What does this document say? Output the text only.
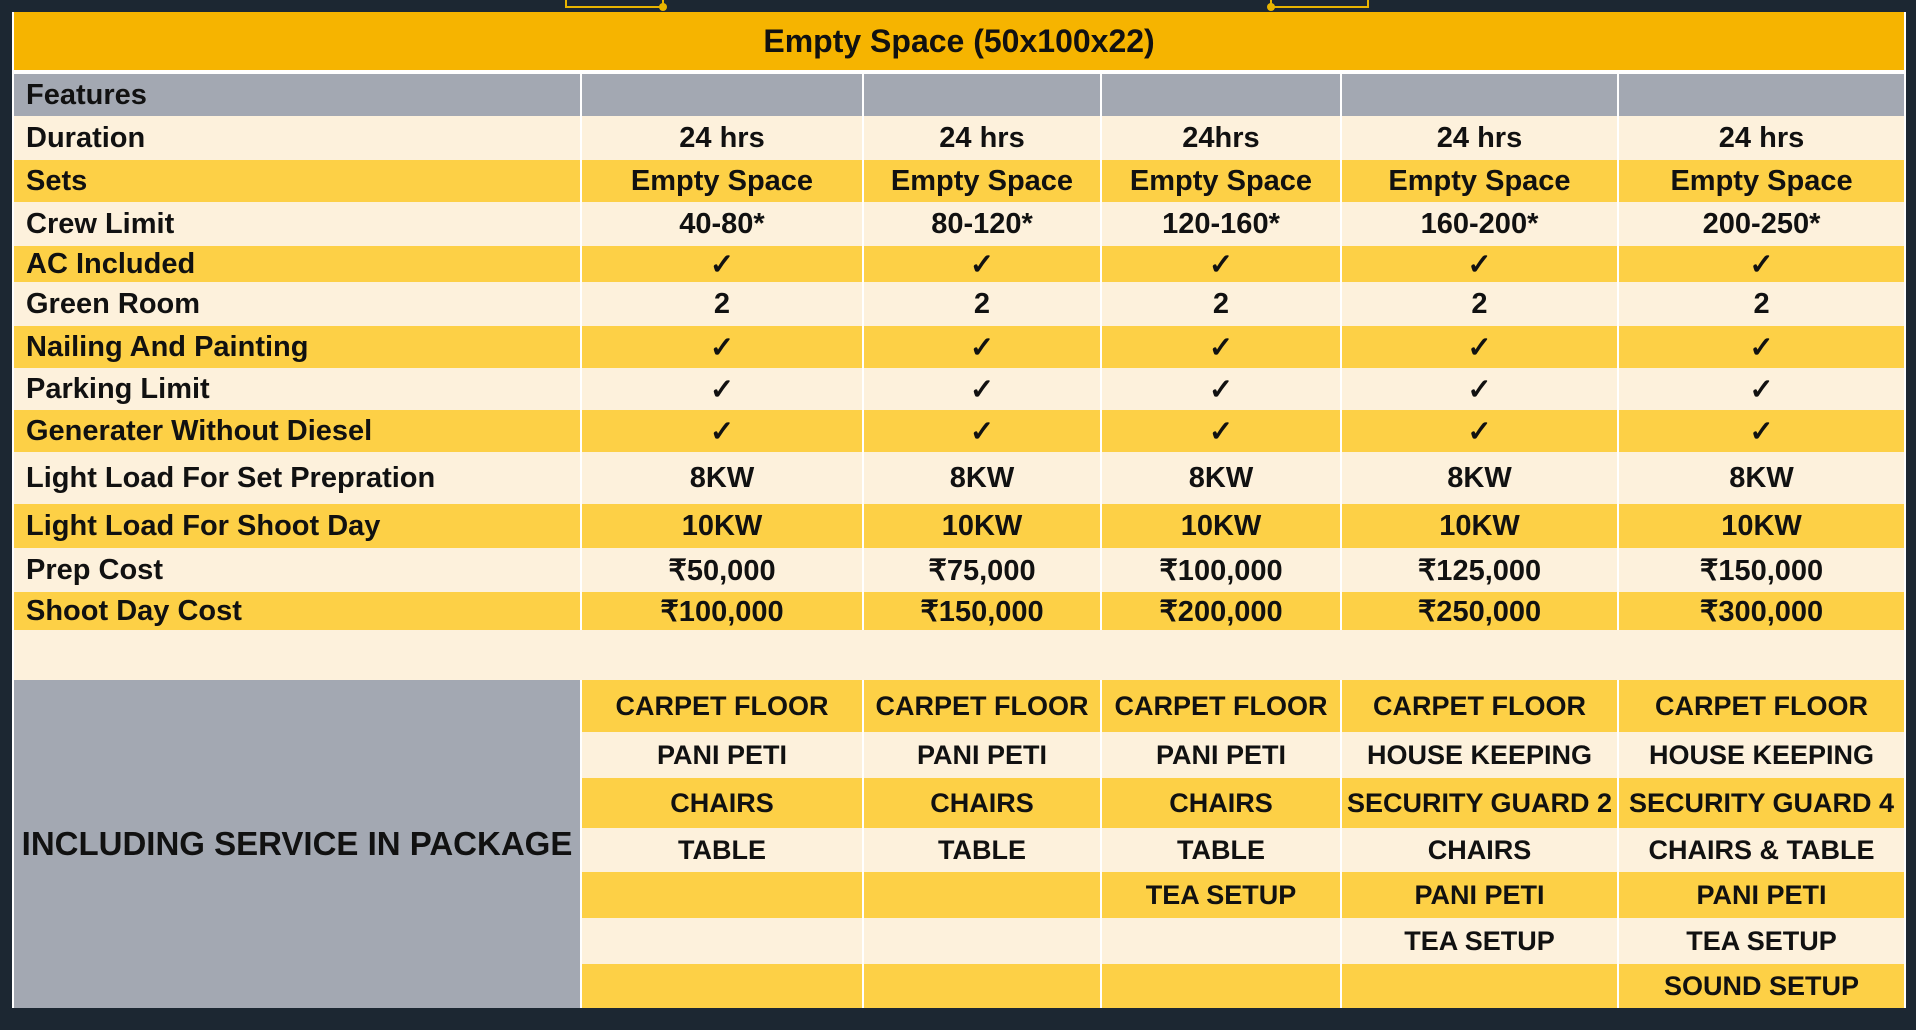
Empty Space (50x100x22)					
Features					
Duration	24 hrs	24 hrs	24hrs	24 hrs	24 hrs
Sets	Empty Space	Empty Space	Empty Space	Empty Space	Empty Space
Crew Limit	40-80*	80-120*	120-160*	160-200*	200-250*
AC Included	✓	✓	✓	✓	✓
Green Room	2	2	2	2	2
Nailing And Painting	✓	✓	✓	✓	✓
Parking Limit	✓	✓	✓	✓	✓
Generater Without Diesel	✓	✓	✓	✓	✓
Light Load For Set Prepration	8KW	8KW	8KW	8KW	8KW
Light Load For Shoot Day	10KW	10KW	10KW	10KW	10KW
Prep Cost	₹50,000	₹75,000	₹100,000	₹125,000	₹150,000
Shoot Day Cost	₹100,000	₹150,000	₹200,000	₹250,000	₹300,000

INCLUDING SERVICE IN PACKAGE	CARPET FLOOR	CARPET FLOOR	CARPET FLOOR	CARPET FLOOR	CARPET FLOOR
	PANI PETI	PANI PETI	PANI PETI	HOUSE KEEPING	HOUSE KEEPING
	CHAIRS	CHAIRS	CHAIRS	SECURITY GUARD 2	SECURITY GUARD 4
	TABLE	TABLE	TABLE	CHAIRS	CHAIRS & TABLE
			TEA SETUP	PANI PETI	PANI PETI
				TEA SETUP	TEA SETUP
					SOUND SETUP
